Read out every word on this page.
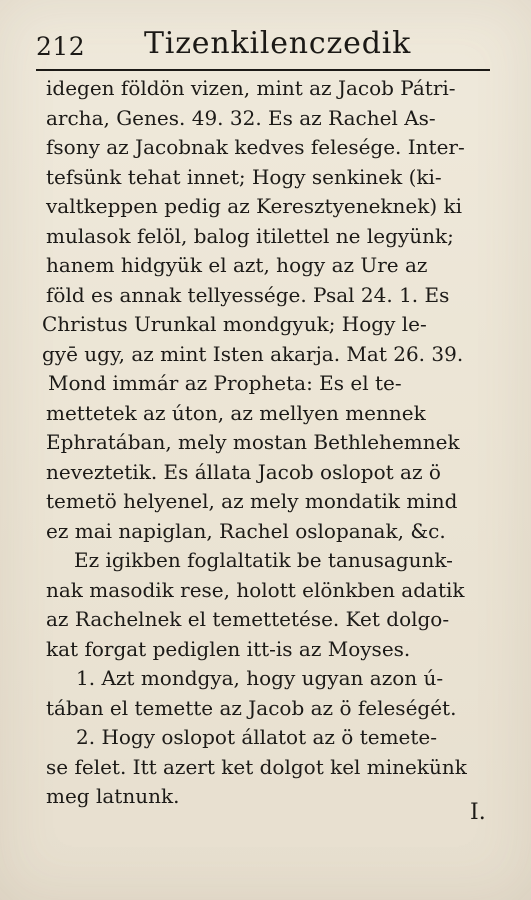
212 Tizenkilenczedik
idegen földön vizen, mint az Jacob Pátri-
archa, Genes. 49. 32. Es az Rachel As-
fsony az Jacobnak kedves felesége. Inter-
tefsünk tehat innet; Hogy senkinek (ki-
valtkeppen pedig az Keresztyeneknek) ki
mulasok felöl, balog itilettel ne legyünk;
hanem hidgyük el azt, hogy az Ure az
föld es annak tellyessége. Psal 24. 1. Es
Christus Urunkal mondgyuk; Hogy le-
gyē ugy, az mint Isten akarja. Mat 26. 39.
Mond immár az Propheta: Es el te-
mettetek az úton, az mellyen mennek
Ephratában, mely mostan Bethlehemnek
neveztetik. Es állata Jacob oslopot az ö
temetö helyenel, az mely mondatik mind
ez mai napiglan, Rachel oslopanak, &c.
Ez igikben foglaltatik be tanusagunk-
nak masodik rese, holott elönkben adatik
az Rachelnek el temettetése. Ket dolgo-
kat forgat pediglen itt-is az Moyses.
1. Azt mondgya, hogy ugyan azon ú-
tában el temette az Jacob az ö feleségét.
2. Hogy oslopot állatot az ö temete-
se felet. Itt azert ket dolgot kel minekünk
meg latnunk.
I.
